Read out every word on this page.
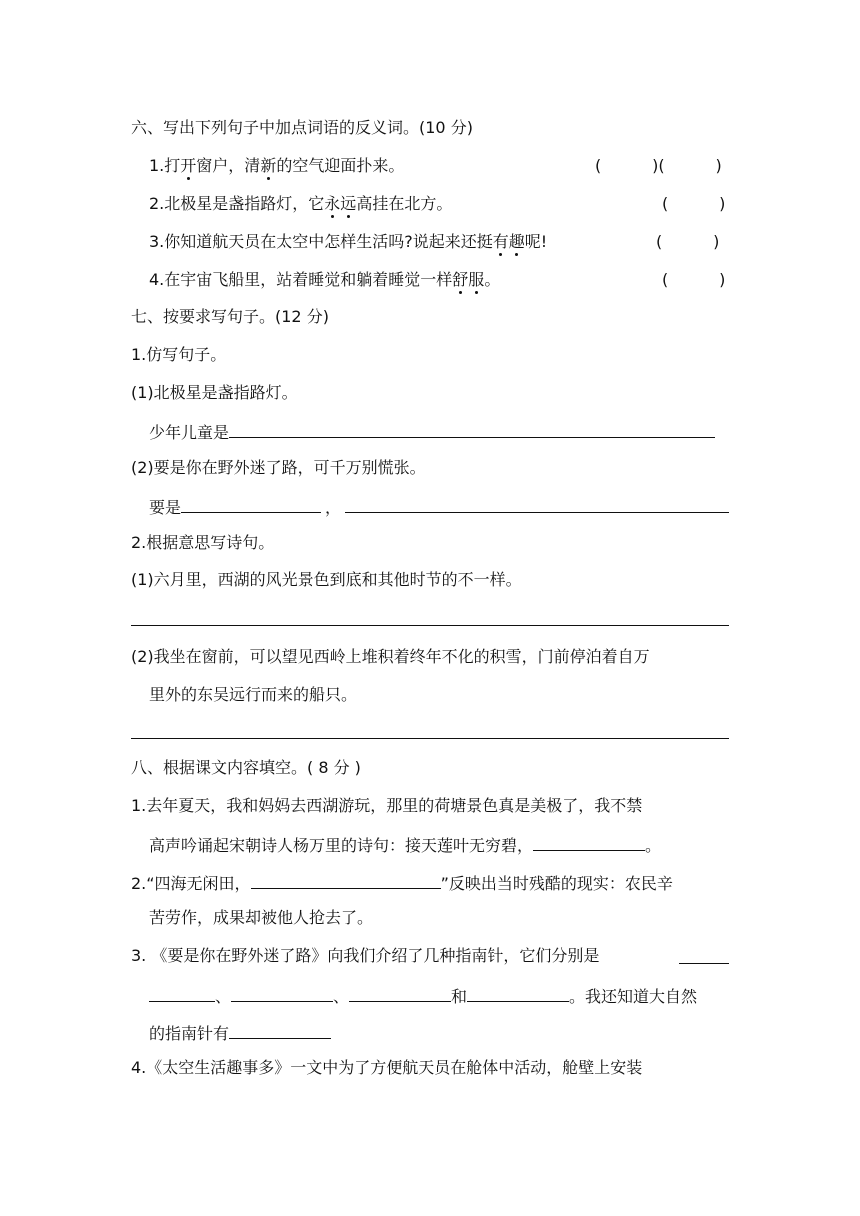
六、写出下列句子中加点词语的反义词。(10 分)
1.打开窗户，清新的空气迎面扑来。	(          )(          )
2.北极星是盏指路灯，它永远高挂在北方。	(          )
3.你知道航天员在太空中怎样生活吗?说起来还挺有趣呢!	(          )
4.在宇宙飞船里，站着睡觉和躺着睡觉一样舒服。	(          )
七、按要求写句子。(12 分)
1.仿写句子。
(1)北极星是盏指路灯。
少年儿童是
(2)要是你在野外迷了路，可千万别慌张。
要是	，
2.根据意思写诗句。
(1)六月里，西湖的风光景色到底和其他时节的不一样。
(2)我坐在窗前，可以望见西岭上堆积着终年不化的积雪，门前停泊着自万
里外的东吴远行而来的船只。
八、根据课文内容填空。( 8 分 )
1.去年夏天，我和妈妈去西湖游玩，那里的荷塘景色真是美极了，我不禁
高声吟诵起宋朝诗人杨万里的诗句：接天莲叶无穷碧，	。
2.“四海无闲田，	”反映出当时残酷的现实：农民辛
苦劳作，成果却被他人抢去了。
3. 《要是你在野外迷了路》向我们介绍了几种指南针，它们分别是
、	、	和	。我还知道大自然
的指南针有
4.《太空生活趣事多》一文中为了方便航天员在舱体中活动，舱壁上安装
